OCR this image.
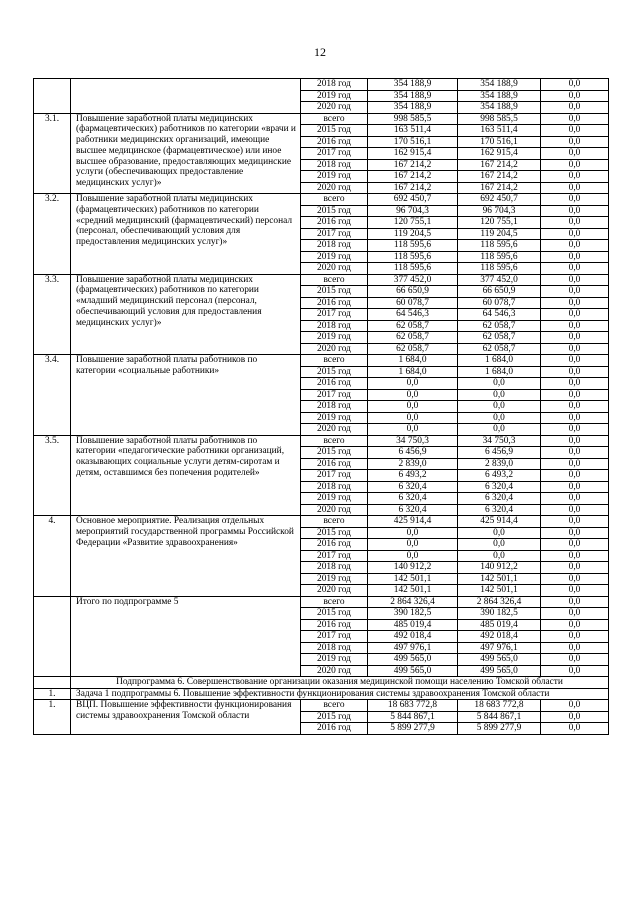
12
		2018 год	354 188,9	354 188,9	0,0
		2019 год	354 188,9	354 188,9	0,0
		2020 год	354 188,9	354 188,9	0,0
3.1.	Повышение заработной платы медицинских (фармацевтических) работников по категории «врачи и работники медицинских организаций, имеющие высшее медицинское (фармацевтическое) или иное высшее образование, предоставляющих медицинские услуги (обеспечивающих предоставление медицинских услуг)»	всего	998 585,5	998 585,5	0,0
		2015 год	163 511,4	163 511,4	0,0
		2016 год	170 516,1	170 516,1	0,0
		2017 год	162 915,4	162 915,4	0,0
		2018 год	167 214,2	167 214,2	0,0
		2019 год	167 214,2	167 214,2	0,0
		2020 год	167 214,2	167 214,2	0,0
3.2.	Повышение заработной платы медицинских (фармацевтических) работников по категории «средний медицинский (фармацевтический) персонал (персонал, обеспечивающий условия для предоставления медицинских услуг)»	всего	692 450,7	692 450,7	0,0
		2015 год	96 704,3	96 704,3	0,0
		2016 год	120 755,1	120 755,1	0,0
		2017 год	119 204,5	119 204,5	0,0
		2018 год	118 595,6	118 595,6	0,0
		2019 год	118 595,6	118 595,6	0,0
		2020 год	118 595,6	118 595,6	0,0
3.3.	Повышение заработной платы медицинских (фармацевтических) работников по категории «младший медицинский персонал (персонал, обеспечивающий условия для предоставления медицинских услуг)»	всего	377 452,0	377 452,0	0,0
		2015 год	66 650,9	66 650,9	0,0
		2016 год	60 078,7	60 078,7	0,0
		2017 год	64 546,3	64 546,3	0,0
		2018 год	62 058,7	62 058,7	0,0
		2019 год	62 058,7	62 058,7	0,0
		2020 год	62 058,7	62 058,7	0,0
3.4.	Повышение заработной платы работников по категории «социальные работники»	всего	1 684,0	1 684,0	0,0
		2015 год	1 684,0	1 684,0	0,0
		2016 год	0,0	0,0	0,0
		2017 год	0,0	0,0	0,0
		2018 год	0,0	0,0	0,0
		2019 год	0,0	0,0	0,0
		2020 год	0,0	0,0	0,0
3.5.	Повышение заработной платы работников по категории «педагогические работники организаций, оказывающих социальные услуги детям-сиротам и детям, оставшимся без попечения родителей»	всего	34 750,3	34 750,3	0,0
		2015 год	6 456,9	6 456,9	0,0
		2016 год	2 839,0	2 839,0	0,0
		2017 год	6 493,2	6 493,2	0,0
		2018 год	6 320,4	6 320,4	0,0
		2019 год	6 320,4	6 320,4	0,0
		2020 год	6 320,4	6 320,4	0,0
4.	Основное мероприятие. Реализация отдельных мероприятий государственной программы Российской Федерации «Развитие здравоохранения»	всего	425 914,4	425 914,4	0,0
		2015 год	0,0	0,0	0,0
		2016 год	0,0	0,0	0,0
		2017 год	0,0	0,0	0,0
		2018 год	140 912,2	140 912,2	0,0
		2019 год	142 501,1	142 501,1	0,0
		2020 год	142 501,1	142 501,1	0,0
	Итого по подпрограмме 5	всего	2 864 326,4	2 864 326,4	0,0
		2015 год	390 182,5	390 182,5	0,0
		2016 год	485 019,4	485 019,4	0,0
		2017 год	492 018,4	492 018,4	0,0
		2018 год	497 976,1	497 976,1	0,0
		2019 год	499 565,0	499 565,0	0,0
		2020 год	499 565,0	499 565,0	0,0
	Подпрограмма 6. Совершенствование организации оказания медицинской помощи населению Томской области				
1.	Задача 1 подпрограммы 6. Повышение эффективности функционирования системы здравоохранения Томской области				
1.	ВЦП. Повышение эффективности функционирования системы здравоохранения Томской области	всего	18 683 772,8	18 683 772,8	0,0
		2015 год	5 844 867,1	5 844 867,1	0,0
		2016 год	5 899 277,9	5 899 277,9	0,0
